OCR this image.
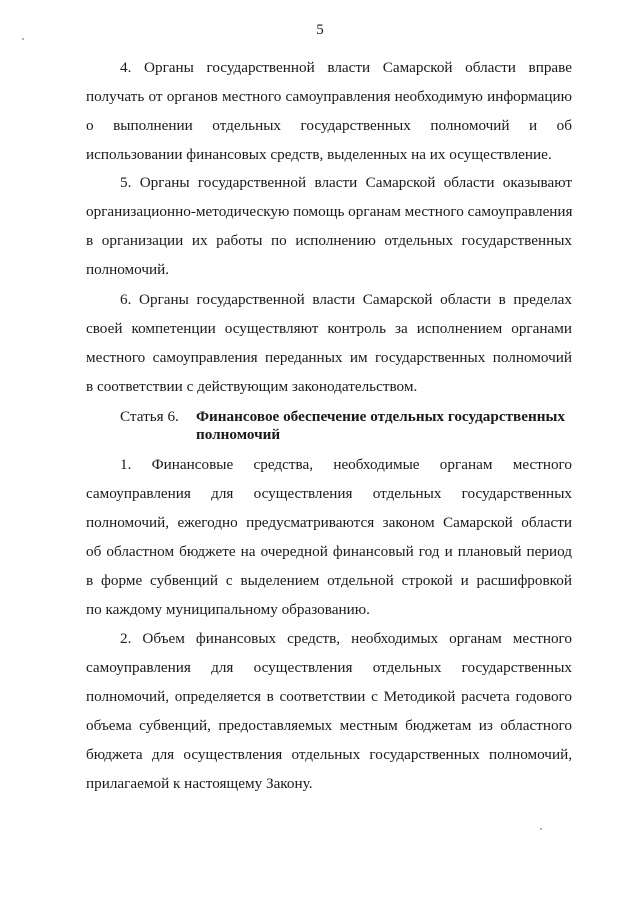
5
4. Органы государственной власти Самарской области вправе
получать от органов местного самоуправления необходимую информацию
о выполнении отдельных государственных полномочий и об
использовании финансовых средств, выделенных на их осуществление.
5. Органы государственной власти Самарской области оказывают
организационно-методическую помощь органам местного самоуправления
в организации их работы по исполнению отдельных государственных
полномочий.
6. Органы государственной власти Самарской области в пределах
своей компетенции осуществляют контроль за исполнением органами
местного самоуправления переданных им государственных полномочий
в соответствии с действующим законодательством.
Статья 6. Финансовое обеспечение отдельных государственных
полномочий
1. Финансовые средства, необходимые органам местного
самоуправления для осуществления отдельных государственных
полномочий, ежегодно предусматриваются законом Самарской области
об областном бюджете на очередной финансовый год и плановый период
в форме субвенций с выделением отдельной строкой и расшифровкой
по каждому муниципальному образованию.
2. Объем финансовых средств, необходимых органам местного
самоуправления для осуществления отдельных государственных
полномочий, определяется в соответствии с Методикой расчета годового
объема субвенций, предоставляемых местным бюджетам из областного
бюджета для осуществления отдельных государственных полномочий,
прилагаемой к настоящему Закону.
